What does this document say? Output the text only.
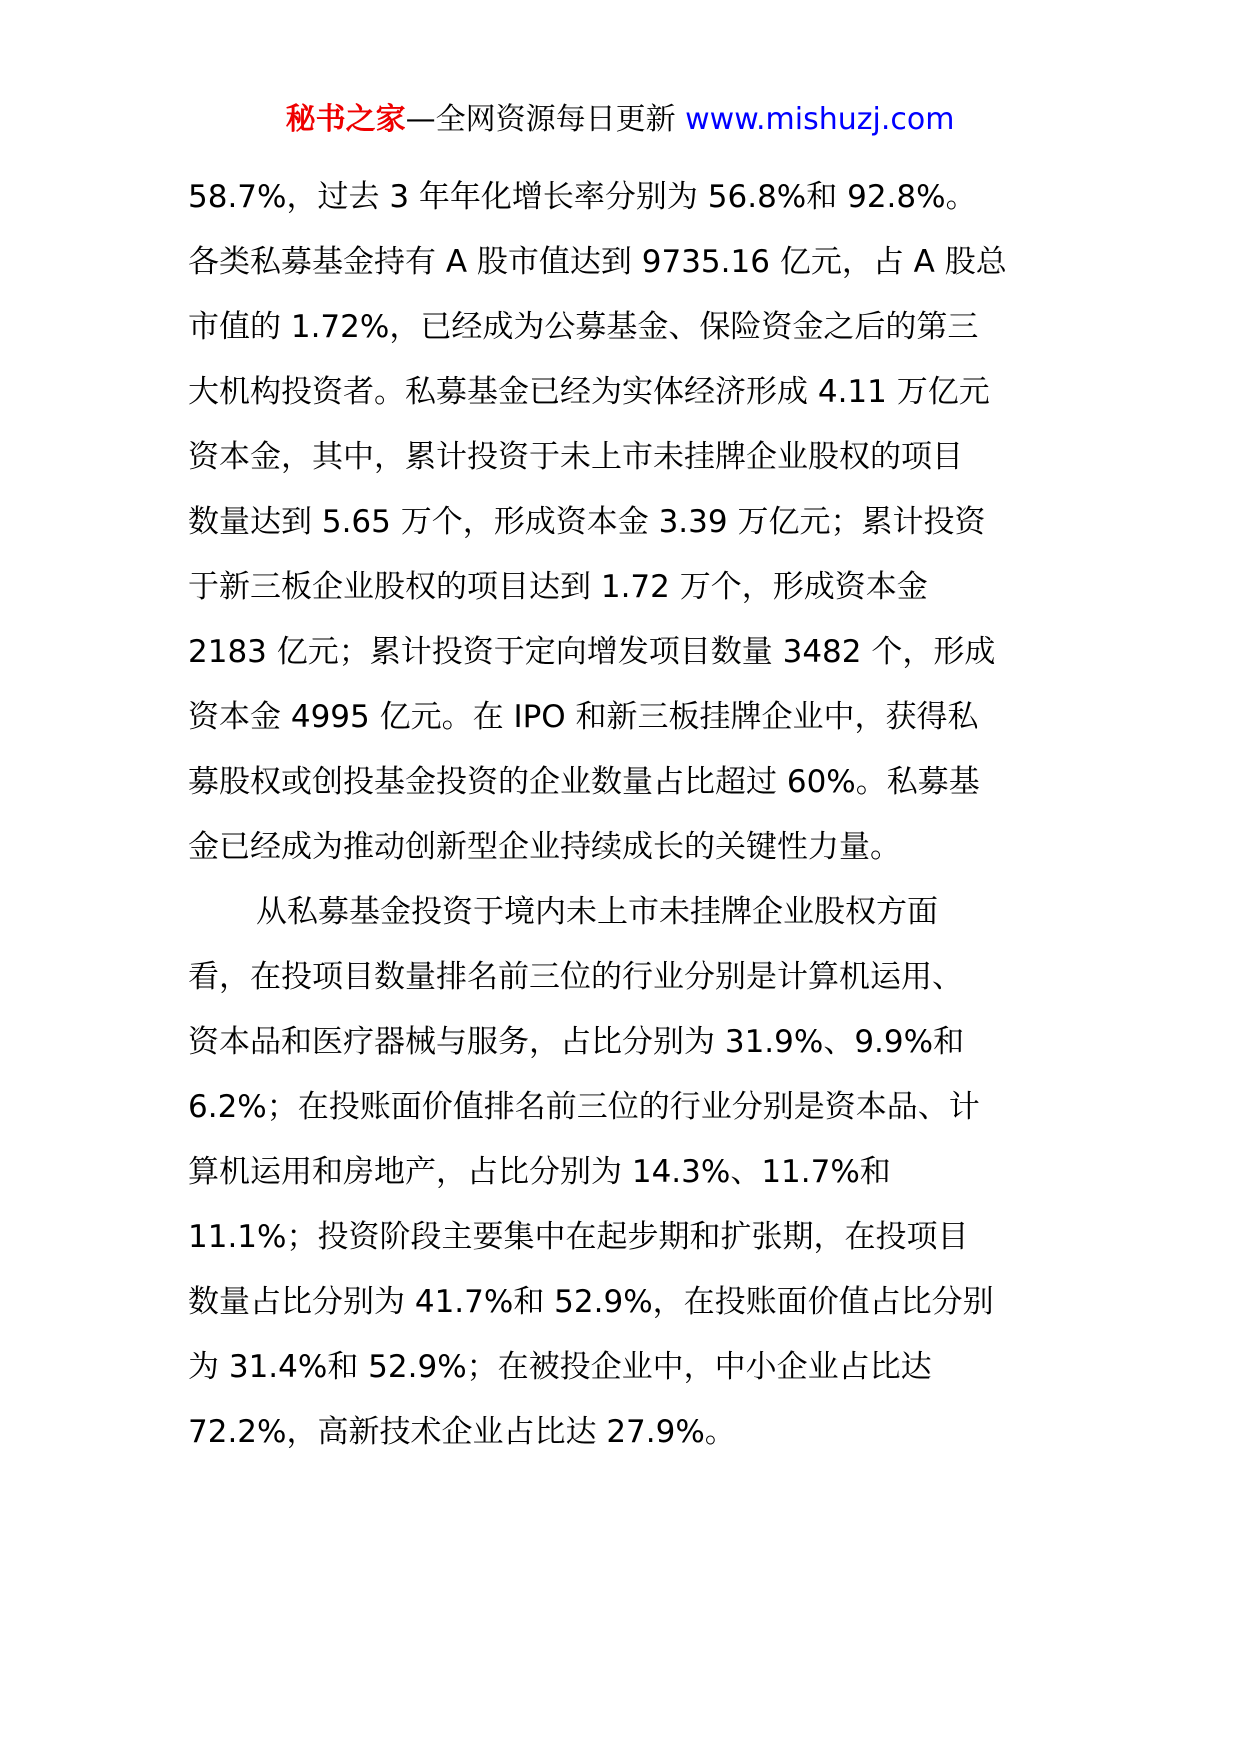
秘书之家—全网资源每日更新 www.mishuzj.com
58.7%，过去 3 年年化增长率分别为 56.8%和 92.8%。
各类私募基金持有 A 股市值达到 9735.16 亿元，占 A 股总
市值的 1.72%，已经成为公募基金、保险资金之后的第三
大机构投资者。私募基金已经为实体经济形成 4.11 万亿元
资本金，其中，累计投资于未上市未挂牌企业股权的项目
数量达到 5.65 万个，形成资本金 3.39 万亿元；累计投资
于新三板企业股权的项目达到 1.72 万个，形成资本金
2183 亿元；累计投资于定向增发项目数量 3482 个，形成
资本金 4995 亿元。在 IPO 和新三板挂牌企业中，获得私
募股权或创投基金投资的企业数量占比超过 60%。私募基
金已经成为推动创新型企业持续成长的关键性力量。
从私募基金投资于境内未上市未挂牌企业股权方面
看，在投项目数量排名前三位的行业分别是计算机运用、
资本品和医疗器械与服务，占比分别为 31.9%、9.9%和
6.2%；在投账面价值排名前三位的行业分别是资本品、计
算机运用和房地产，占比分别为 14.3%、11.7%和
11.1%；投资阶段主要集中在起步期和扩张期，在投项目
数量占比分别为 41.7%和 52.9%，在投账面价值占比分别
为 31.4%和 52.9%；在被投企业中，中小企业占比达
72.2%，高新技术企业占比达 27.9%。
